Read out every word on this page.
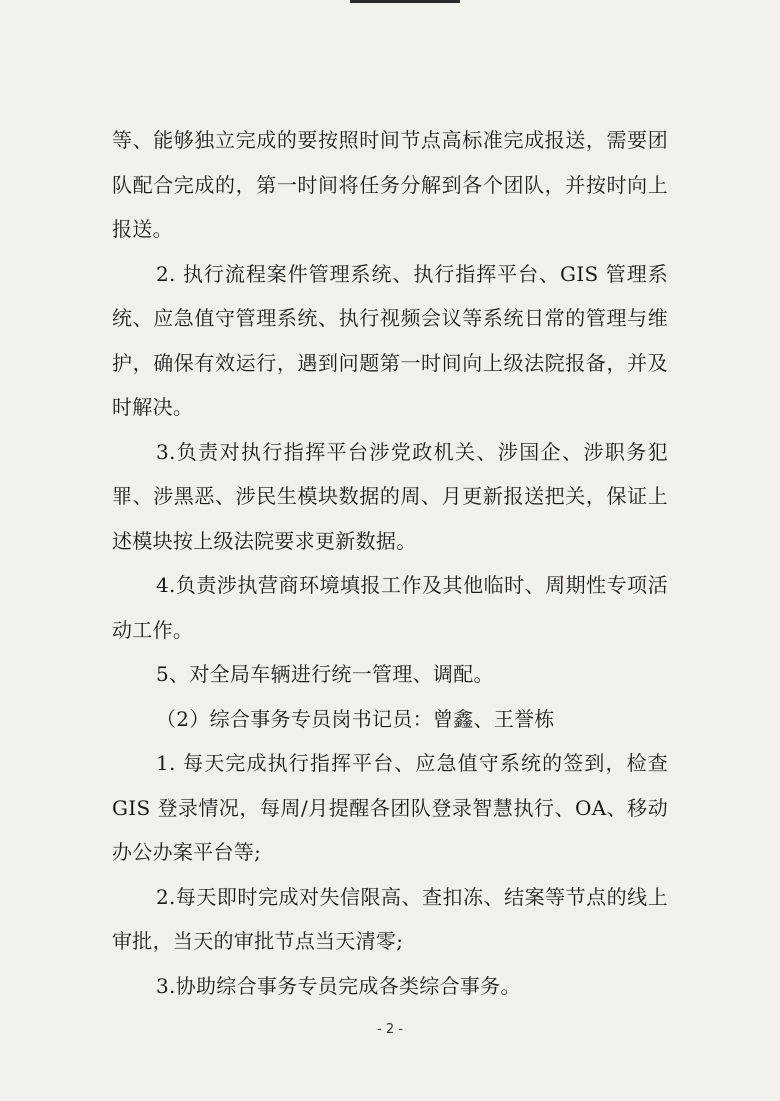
等、能够独立完成的要按照时间节点高标准完成报送，需要团队配合完成的，第一时间将任务分解到各个团队，并按时向上报送。

2. 执行流程案件管理系统、执行指挥平台、GIS 管理系统、应急值守管理系统、执行视频会议等系统日常的管理与维护，确保有效运行，遇到问题第一时间向上级法院报备，并及时解决。

3.负责对执行指挥平台涉党政机关、涉国企、涉职务犯罪、涉黑恶、涉民生模块数据的周、月更新报送把关，保证上述模块按上级法院要求更新数据。

4.负责涉执营商环境填报工作及其他临时、周期性专项活动工作。

5、对全局车辆进行统一管理、调配。

（2）综合事务专员岗书记员：曾鑫、王誉栋

1. 每天完成执行指挥平台、应急值守系统的签到，检查GIS 登录情况，每周/月提醒各团队登录智慧执行、OA、移动办公办案平台等;

2.每天即时完成对失信限高、查扣冻、结案等节点的线上审批，当天的审批节点当天清零;

3.协助综合事务专员完成各类综合事务。

- 2 -
